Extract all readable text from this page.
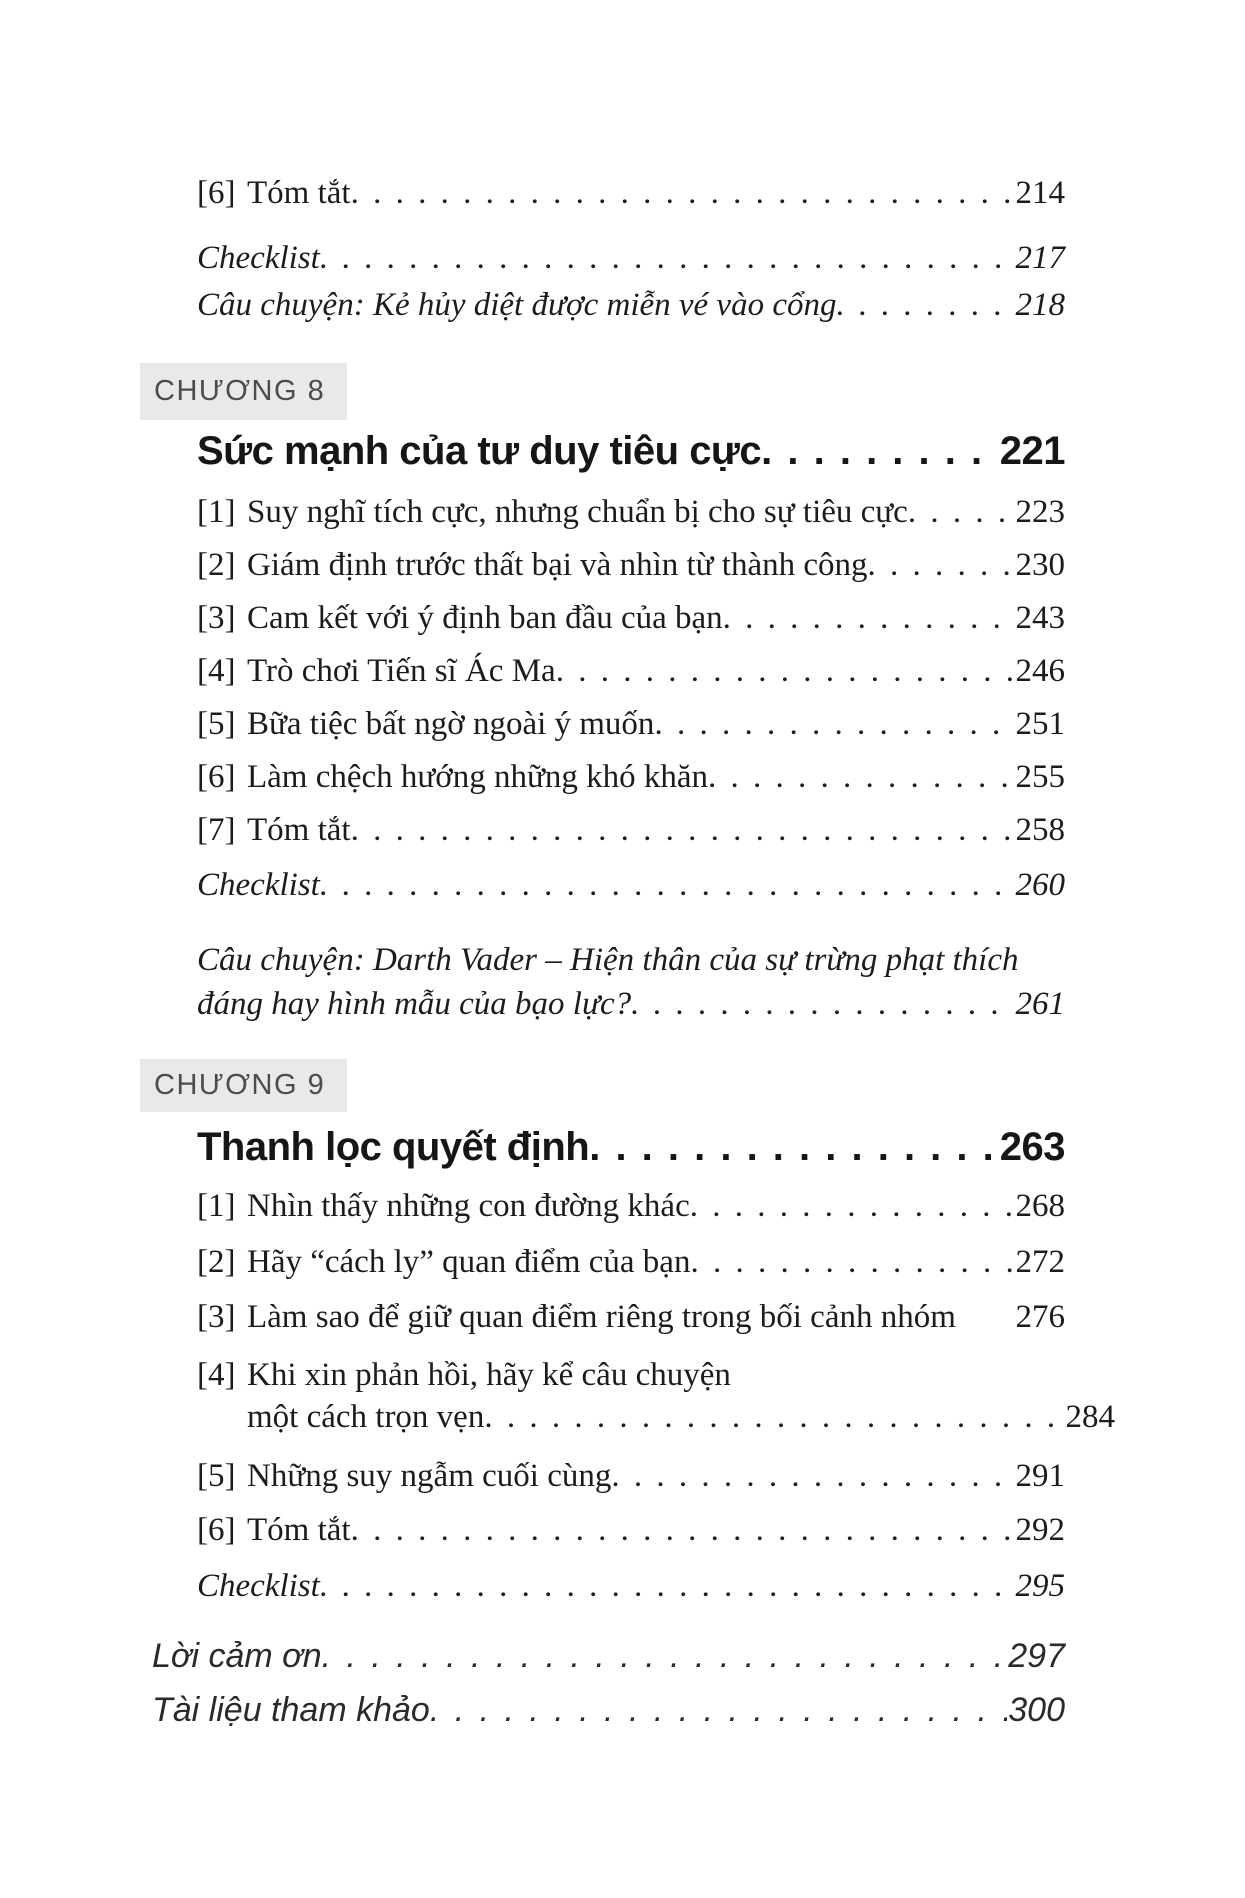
[6] Tóm tắt . . .	214
Checklist . . .	217
Câu chuyện: Kẻ hủy diệt được miễn vé vào cổng . . .	218
CHƯƠNG 8
Sức mạnh của tư duy tiêu cực . . .	221
[1] Suy nghĩ tích cực, nhưng chuẩn bị cho sự tiêu cực . . .	223
[2] Giám định trước thất bại và nhìn từ thành công . . .	230
[3] Cam kết với ý định ban đầu của bạn . . .	243
[4] Trò chơi Tiến sĩ Ác Ma . . .	246
[5] Bữa tiệc bất ngờ ngoài ý muốn . . .	251
[6] Làm chệch hướng những khó khăn . . .	255
[7] Tóm tắt . . .	258
Checklist . . .	260
Câu chuyện: Darth Vader – Hiện thân của sự trừng phạt thích
đáng hay hình mẫu của bạo lực? . . .	261
CHƯƠNG 9
Thanh lọc quyết định . . .	263
[1] Nhìn thấy những con đường khác . . .	268
[2] Hãy “cách ly” quan điểm của bạn . . .	272
[3] Làm sao để giữ quan điểm riêng trong bối cảnh nhóm 276
[4] Khi xin phản hồi, hãy kể câu chuyện
một cách trọn vẹn . . .	284
[5] Những suy ngẫm cuối cùng . . .	291
[6] Tóm tắt . . .	292
Checklist . . .	295
Lời cảm ơn . . .	297
Tài liệu tham khảo . . .	300
